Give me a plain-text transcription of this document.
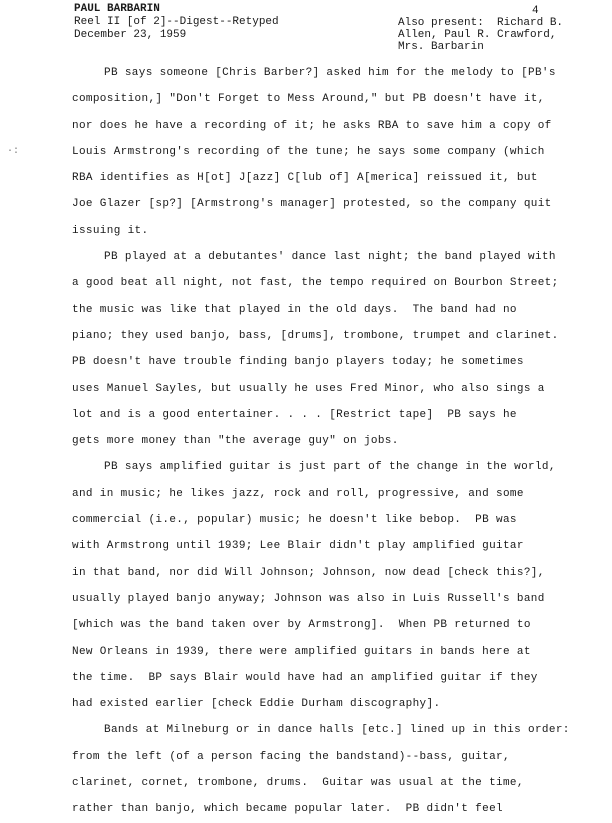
PAUL BARBARIN
Reel II [of 2]--Digest--Retyped
December 23, 1959
4
Also present:  Richard B.
Allen, Paul R. Crawford,
Mrs. Barbarin
·:
PB says someone [Chris Barber?] asked him for the melody to [PB's
composition,] "Don't Forget to Mess Around," but PB doesn't have it,
nor does he have a recording of it; he asks RBA to save him a copy of
Louis Armstrong's recording of the tune; he says some company (which
RBA identifies as H[ot] J[azz] C[lub of] A[merica] reissued it, but
Joe Glazer [sp?] [Armstrong's manager] protested, so the company quit
issuing it.
PB played at a debutantes' dance last night; the band played with
a good beat all night, not fast, the tempo required on Bourbon Street;
the music was like that played in the old days.  The band had no
piano; they used banjo, bass, [drums], trombone, trumpet and clarinet.
PB doesn't have trouble finding banjo players today; he sometimes
uses Manuel Sayles, but usually he uses Fred Minor, who also sings a
lot and is a good entertainer. . . . [Restrict tape]  PB says he
gets more money than "the average guy" on jobs.
PB says amplified guitar is just part of the change in the world,
and in music; he likes jazz, rock and roll, progressive, and some
commercial (i.e., popular) music; he doesn't like bebop.  PB was
with Armstrong until 1939; Lee Blair didn't play amplified guitar
in that band, nor did Will Johnson; Johnson, now dead [check this?],
usually played banjo anyway; Johnson was also in Luis Russell's band
[which was the band taken over by Armstrong].  When PB returned to
New Orleans in 1939, there were amplified guitars in bands here at
the time.  BP says Blair would have had an amplified guitar if they
had existed earlier [check Eddie Durham discography].
Bands at Milneburg or in dance halls [etc.] lined up in this order:
from the left (of a person facing the bandstand)--bass, guitar,
clarinet, cornet, trombone, drums.  Guitar was usual at the time,
rather than banjo, which became popular later.  PB didn't feel
